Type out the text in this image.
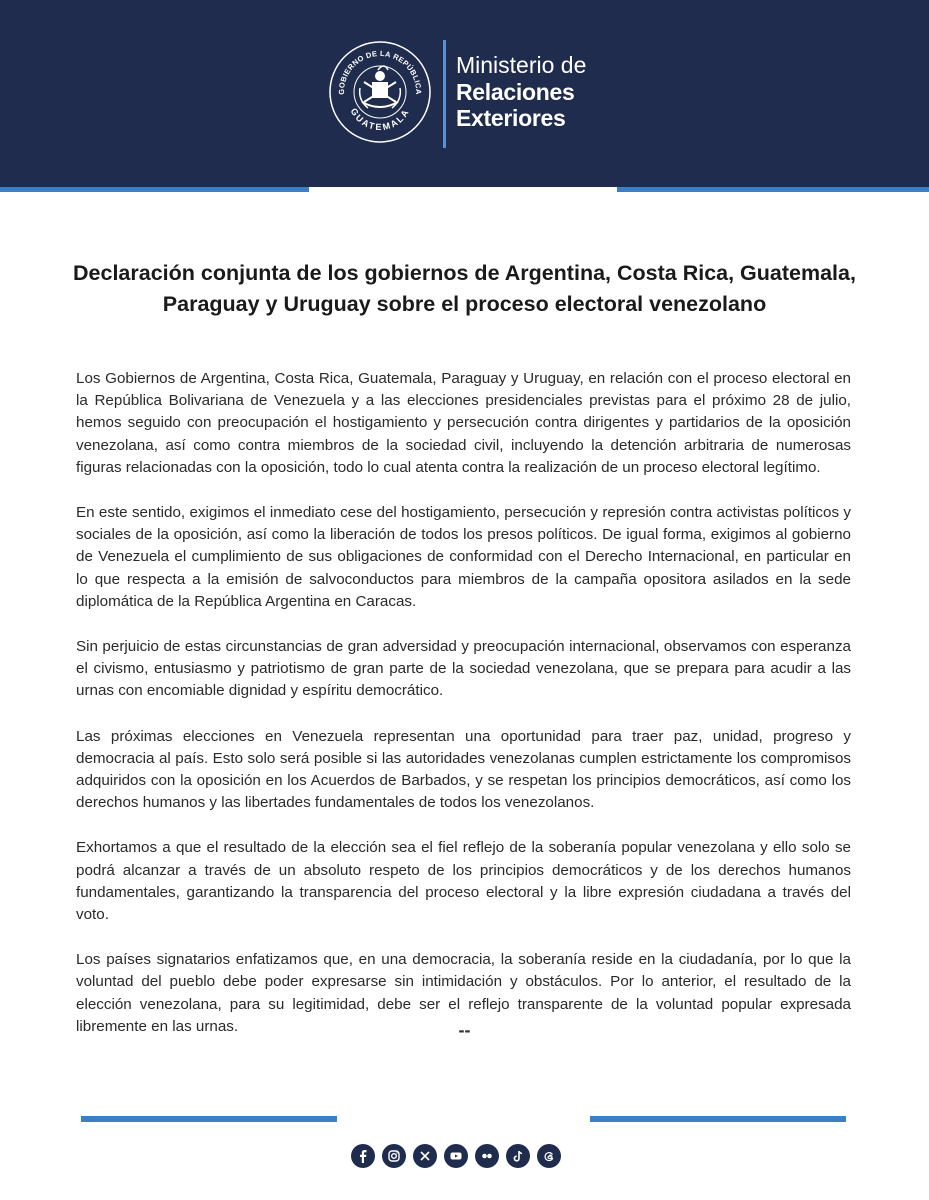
GOBIERNO DE LA REPÚBLICA
GUATEMALA
Ministerio de
Relaciones
Exteriores
Declaración conjunta de los gobiernos de Argentina, Costa Rica, Guatemala, Paraguay y Uruguay sobre el proceso electoral venezolano

Los Gobiernos de Argentina, Costa Rica, Guatemala, Paraguay y Uruguay, en relación con el proceso electoral en la República Bolivariana de Venezuela y a las elecciones presidenciales previstas para el próximo 28 de julio, hemos seguido con preocupación el hostigamiento y persecución contra dirigentes y partidarios de la oposición venezolana, así como contra miembros de la sociedad civil, incluyendo la detención arbitraria de numerosas figuras relacionadas con la oposición, todo lo cual atenta contra la realización de un proceso electoral legítimo.

En este sentido, exigimos el inmediato cese del hostigamiento, persecución y represión contra activistas políticos y sociales de la oposición, así como la liberación de todos los presos políticos. De igual forma, exigimos al gobierno de Venezuela el cumplimiento de sus obligaciones de conformidad con el Derecho Internacional, en particular en lo que respecta a la emisión de salvoconductos para miembros de la campaña opositora asilados en la sede diplomática de la República Argentina en Caracas.

Sin perjuicio de estas circunstancias de gran adversidad y preocupación internacional, observamos con esperanza el civismo, entusiasmo y patriotismo de gran parte de la sociedad venezolana, que se prepara para acudir a las urnas con encomiable dignidad y espíritu democrático.

Las próximas elecciones en Venezuela representan una oportunidad para traer paz, unidad, progreso y democracia al país. Esto solo será posible si las autoridades venezolanas cumplen estrictamente los compromisos adquiridos con la oposición en los Acuerdos de Barbados, y se respetan los principios democráticos, así como los derechos humanos y las libertades fundamentales de todos los venezolanos.

Exhortamos a que el resultado de la elección sea el fiel reflejo de la soberanía popular venezolana y ello solo se podrá alcanzar a través de un absoluto respeto de los principios democráticos y de los derechos humanos fundamentales, garantizando la transparencia del proceso electoral y la libre expresión ciudadana a través del voto.

Los países signatarios enfatizamos que, en una democracia, la soberanía reside en la ciudadanía, por lo que la voluntad del pueblo debe poder expresarse sin intimidación y obstáculos. Por lo anterior, el resultado de la elección venezolana, para su legitimidad, debe ser el reflejo transparente de la voluntad popular expresada libremente en las urnas.	--
